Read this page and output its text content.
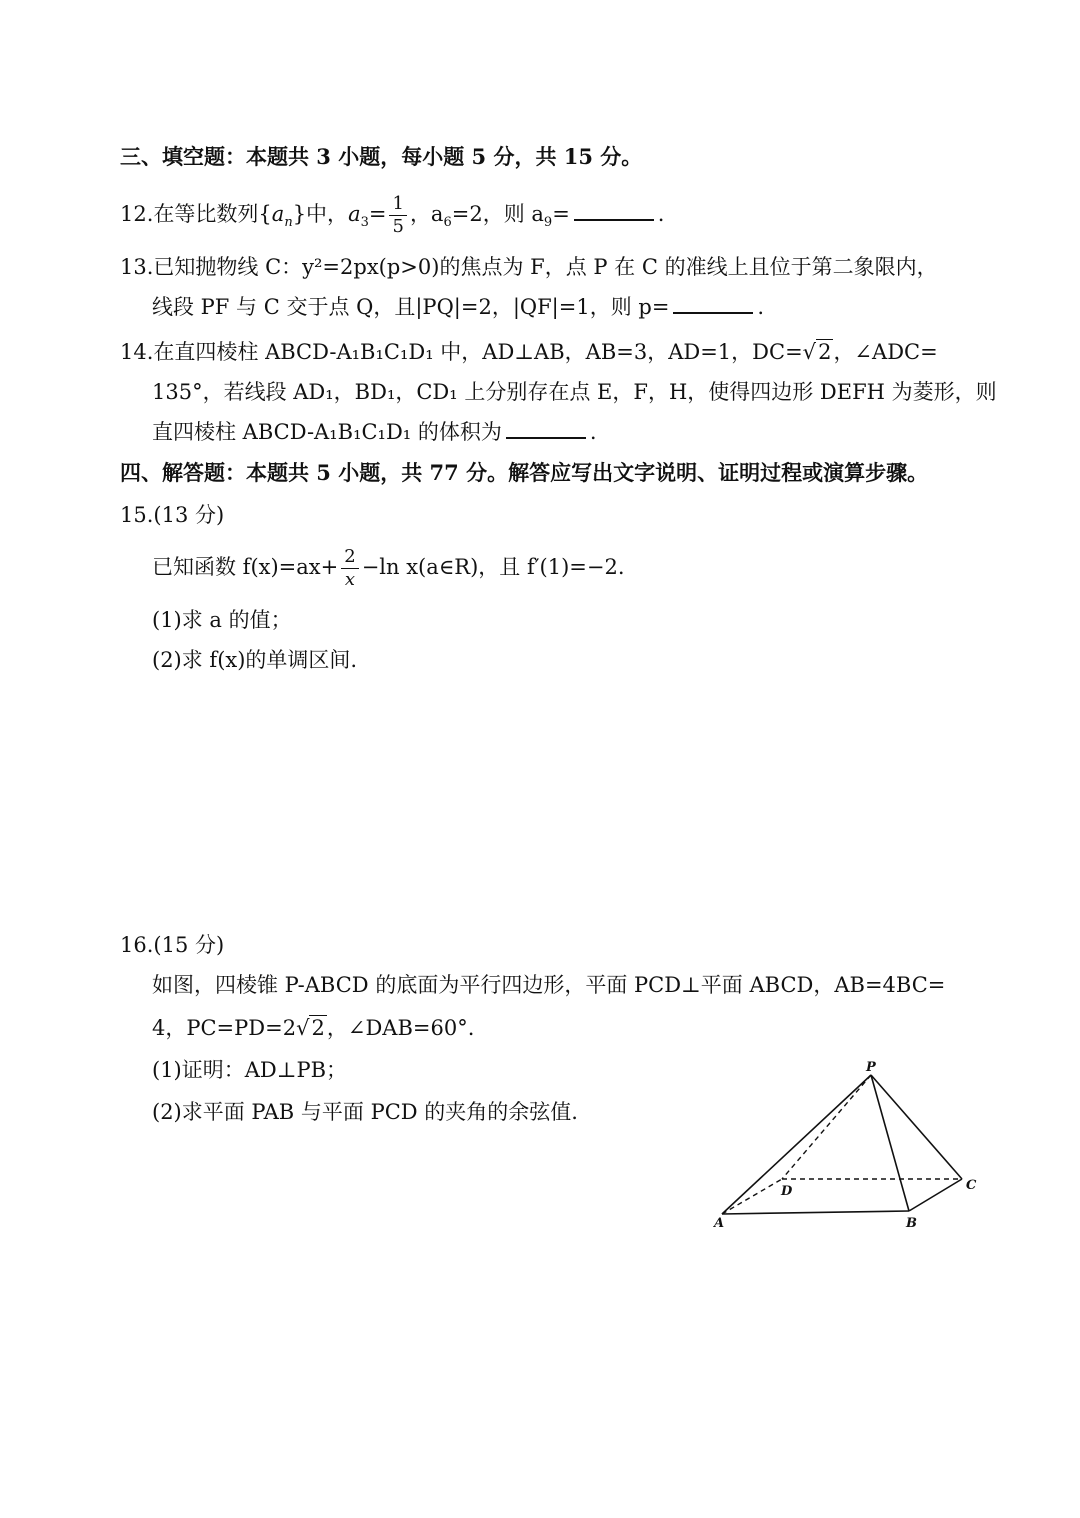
三、填空题：本题共 3 小题，每小题 5 分，共 15 分。
12.在等比数列$\{a_n\}$中，$a_3= \frac{1}{5}$ ，$a_6=2$，则 $a_9=$	.
13.已知抛物线 C：y²=2px(p>0)的焦点为 F，点 P 在 C 的准线上且位于第二象限内，
线段 PF 与 C 交于点 Q，且|PQ|=2，|QF|=1，则 p=	.
14.在直四棱柱 ABCD-A₁B₁C₁D₁ 中，AD⊥AB，AB=3，AD=1，DC=√2，∠ADC=
135°，若线段 AD₁，BD₁，CD₁ 上分别存在点 E，F，H，使得四边形 DEFH 为菱形，则
直四棱柱 ABCD-A₁B₁C₁D₁ 的体积为	.
四、解答题：本题共 5 小题，共 77 分。解答应写出文字说明、证明过程或演算步骤。
15.(13 分)
已知函数 $f(x)=ax+ \frac{2}{x} -\ln$ x(a∈R)，且 f′(1)=−2.
(1)求 a 的值；
(2)求 f(x)的单调区间.
16.(15 分)
如图，四棱锥 P-ABCD 的底面为平行四边形，平面 PCD⊥平面 ABCD，AB=4BC=
4，PC=PD=2√2，∠DAB=60°.
(1)证明：AD⊥PB；
(2)求平面 PAB 与平面 PCD 的夹角的余弦值.
P
A	B
C
D
